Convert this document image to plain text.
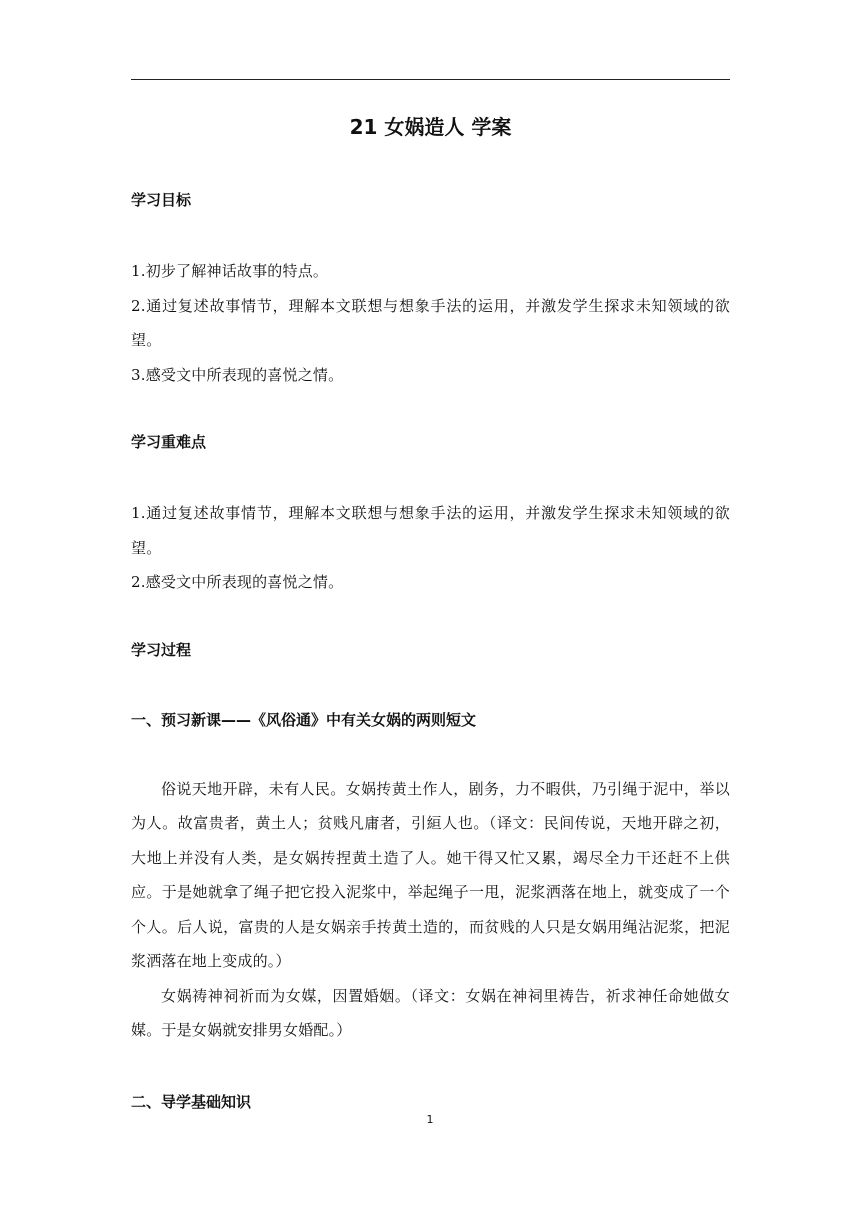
21 女娲造人 学案
学习目标

1.初步了解神话故事的特点。

2.通过复述故事情节，理解本文联想与想象手法的运用，并激发学生探求未知领域的欲望。

3.感受文中所表现的喜悦之情。

学习重难点

1.通过复述故事情节，理解本文联想与想象手法的运用，并激发学生探求未知领域的欲望。

2.感受文中所表现的喜悦之情。

学习过程
一、预习新课——《风俗通》中有关女娲的两则短文

俗说天地开辟，未有人民。女娲抟黄土作人，剧务，力不暇供，乃引绳于泥中，举以为人。故富贵者，黄土人；贫贱凡庸者，引絙人也。（译文：民间传说，天地开辟之初，大地上并没有人类，是女娲抟捏黄土造了人。她干得又忙又累，竭尽全力干还赶不上供应。于是她就拿了绳子把它投入泥浆中，举起绳子一甩，泥浆洒落在地上，就变成了一个个人。后人说，富贵的人是女娲亲手抟黄土造的，而贫贱的人只是女娲用绳沾泥浆，把泥浆洒落在地上变成的。）

女娲祷神祠祈而为女媒，因置婚姻。（译文：女娲在神祠里祷告，祈求神任命她做女媒。于是女娲就安排男女婚配。）

二、导学基础知识
1
